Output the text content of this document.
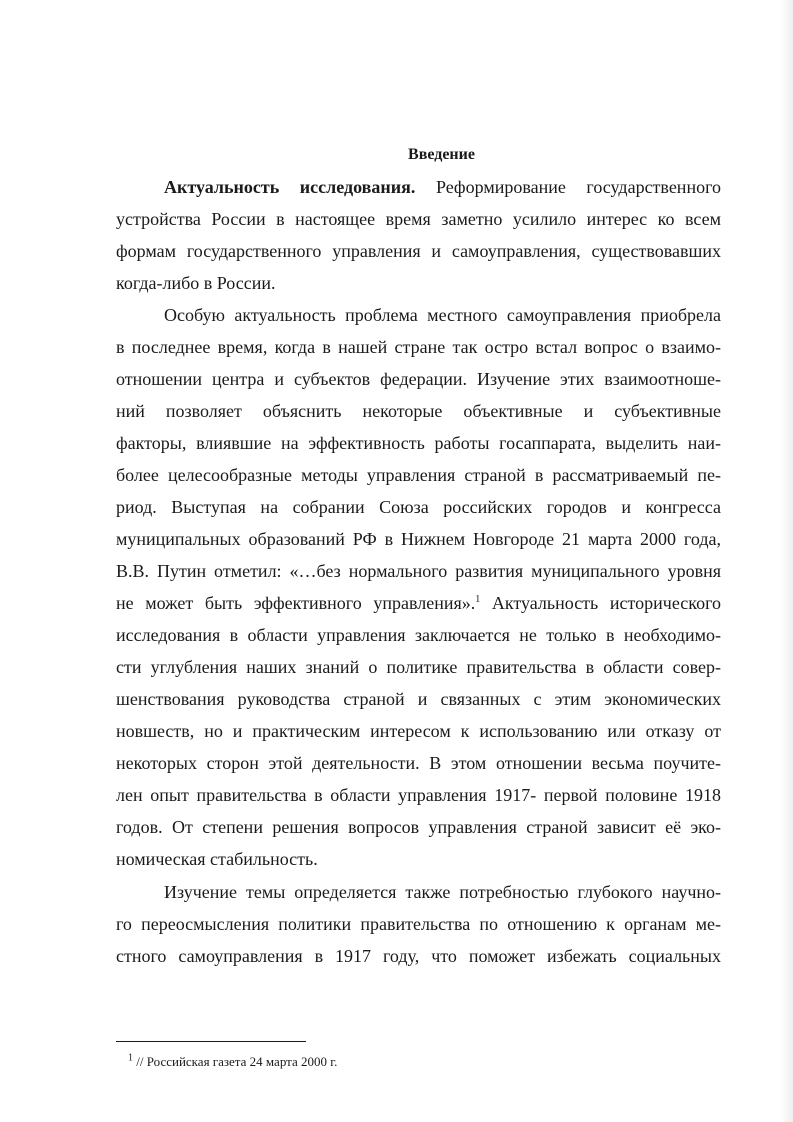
Введение
Актуальность исследования. Реформирование государственного
устройства России в настоящее время заметно усилило интерес ко всем
формам государственного управления и самоуправления, существовавших
когда-либо в России.
Особую актуальность проблема местного самоуправления приобрела
в последнее время, когда в нашей стране так остро встал вопрос о взаимо-
отношении центра и субъектов федерации. Изучение этих взаимоотноше-
ний позволяет объяснить некоторые объективные и субъективные
факторы, влиявшие на эффективность работы госаппарата, выделить наи-
более целесообразные методы управления страной в рассматриваемый пе-
риод. Выступая на собрании Союза российских городов и конгресса
муниципальных образований РФ в Нижнем Новгороде 21 марта 2000 года,
В.В. Путин отметил: «…без нормального развития муниципального уровня
не может быть эффективного управления».$^1$ Актуальность исторического
исследования в области управления заключается не только в необходимо-
сти углубления наших знаний о политике правительства в области совер-
шенствования руководства страной и связанных с этим экономических
новшеств, но и практическим интересом к использованию или отказу от
некоторых сторон этой деятельности. В этом отношении весьма поучите-
лен опыт правительства в области управления 1917- первой половине 1918
годов. От степени решения вопросов управления страной зависит её эко-
номическая стабильность.
Изучение темы определяется также потребностью глубокого научно-
го переосмысления политики правительства по отношению к органам ме-
стного самоуправления в 1917 году, что поможет избежать социальных
$^1$ // Российская газета 24 марта 2000 г.
